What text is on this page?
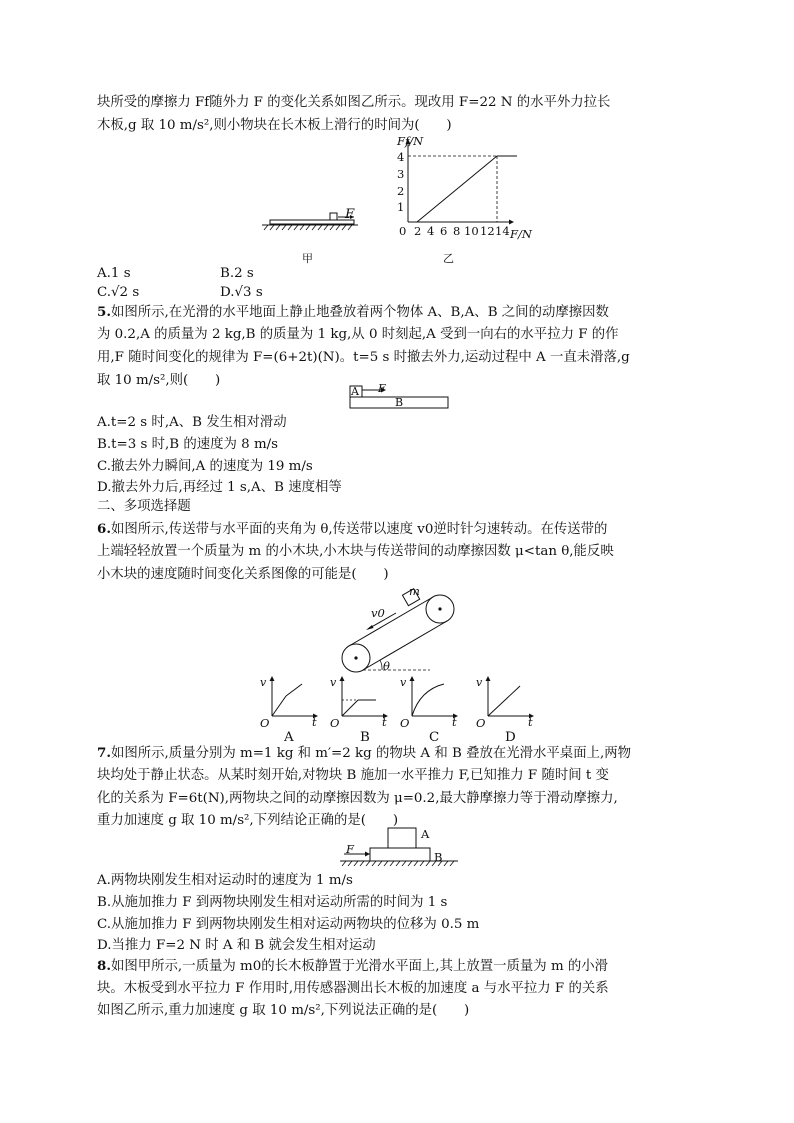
块所受的摩擦力 Ff随外力 F 的变化关系如图乙所示。现改用 F=22 N 的水平外力拉长
木板,g 取 10 m/s²,则小物块在长木板上滑行的时间为(　　)
F
甲
Ff/N
F/N
0
1
2
3
4
2 4 6 8 10 12 14
乙
A.1 s	B.2 s
C.√2 s	D.√3 s
5.如图所示,在光滑的水平地面上静止地叠放着两个物体 A、B,A、B 之间的动摩擦因数
为 0.2,A 的质量为 2 kg,B 的质量为 1 kg,从 0 时刻起,A 受到一向右的水平拉力 F 的作
用,F 随时间变化的规律为 F=(6+2t)(N)。t=5 s 时撤去外力,运动过程中 A 一直未滑落,g
取 10 m/s²,则(　　)
A F
B
A.t=2 s 时,A、B 发生相对滑动
B.t=3 s 时,B 的速度为 8 m/s
C.撤去外力瞬间,A 的速度为 19 m/s
D.撤去外力后,再经过 1 s,A、B 速度相等
二、多项选择题
6.如图所示,传送带与水平面的夹角为 θ,传送带以速度 v0逆时针匀速转动。在传送带的
上端轻轻放置一个质量为 m 的小木块,小木块与传送带间的动摩擦因数 μ<tan θ,能反映
小木块的速度随时间变化关系图像的可能是(　　)
m
v0
θ
v
O	t
A
v
O	t
B
v
O	t
C
v
O	t
D
7.如图所示,质量分别为 m=1 kg 和 m′=2 kg 的物块 A 和 B 叠放在光滑水平桌面上,两物
块均处于静止状态。从某时刻开始,对物块 B 施加一水平推力 F,已知推力 F 随时间 t 变
化的关系为 F=6t(N),两物块之间的动摩擦因数为 μ=0.2,最大静摩擦力等于滑动摩擦力,
重力加速度 g 取 10 m/s²,下列结论正确的是(　　)
F
A
B
A.两物块刚发生相对运动时的速度为 1 m/s
B.从施加推力 F 到两物块刚发生相对运动所需的时间为 1 s
C.从施加推力 F 到两物块刚发生相对运动两物块的位移为 0.5 m
D.当推力 F=2 N 时 A 和 B 就会发生相对运动
8.如图甲所示,一质量为 m0的长木板静置于光滑水平面上,其上放置一质量为 m 的小滑
块。木板受到水平拉力 F 作用时,用传感器测出长木板的加速度 a 与水平拉力 F 的关系
如图乙所示,重力加速度 g 取 10 m/s²,下列说法正确的是(　　)
